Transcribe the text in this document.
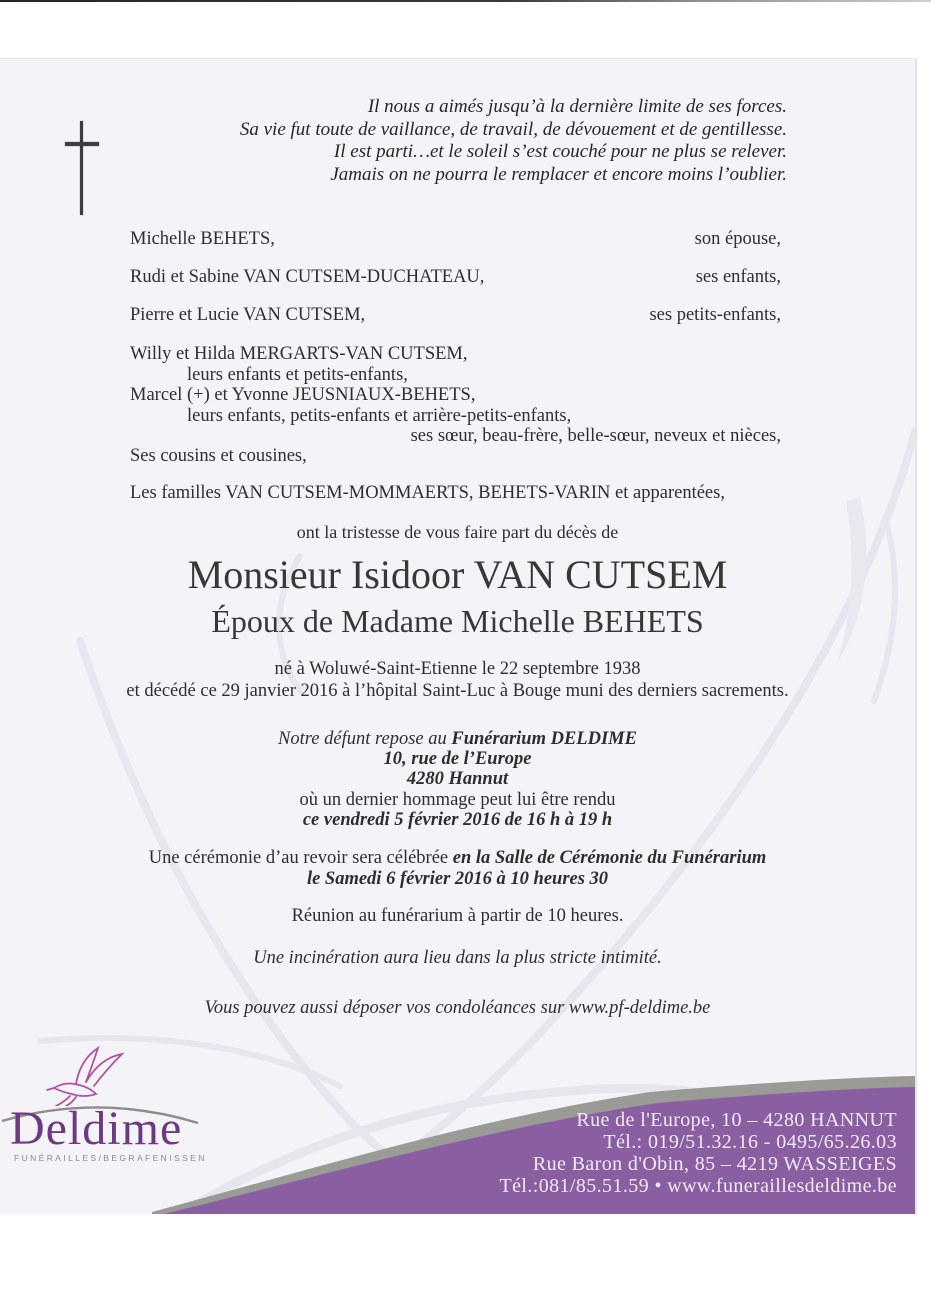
Il nous a aimés jusqu’à la dernière limite de ses forces.
Sa vie fut toute de vaillance, de travail, de dévouement et de gentillesse.
Il est parti…et le soleil s’est couché pour ne plus se relever.
Jamais on ne pourra le remplacer et encore moins l’oublier.
Michelle BEHETS,	son épouse,
Rudi et Sabine VAN CUTSEM-DUCHATEAU,	ses enfants,
Pierre et Lucie VAN CUTSEM,	ses petits-enfants,
Willy et Hilda MERGARTS-VAN CUTSEM,
leurs enfants et petits-enfants,
Marcel (+) et Yvonne JEUSNIAUX-BEHETS,
leurs enfants, petits-enfants et arrière-petits-enfants,
ses sœur, beau-frère, belle-sœur, neveux et nièces,
Ses cousins et cousines,
Les familles VAN CUTSEM-MOMMAERTS, BEHETS-VARIN et apparentées,
ont la tristesse de vous faire part du décès de
Monsieur Isidoor VAN CUTSEM
Époux de Madame Michelle BEHETS
né à Woluwé-Saint-Etienne le 22 septembre 1938
et décédé ce 29 janvier 2016 à l’hôpital Saint-Luc à Bouge muni des derniers sacrements.
Notre défunt repose au Funérarium DELDIME
10, rue de l’Europe
4280 Hannut
où un dernier hommage peut lui être rendu
ce vendredi 5 février 2016 de 16 h à 19 h
Une cérémonie d’au revoir sera célébrée en la Salle de Cérémonie du Funérarium
le Samedi 6 février 2016 à 10 heures 30
Réunion au funérarium à partir de 10 heures.
Une incinération aura lieu dans la plus stricte intimité.
Vous pouvez aussi déposer vos condoléances sur www.pf-deldime.be
Deldime
FUNÉRAILLES/BEGRAFENISSEN
Rue de l'Europe, 10 – 4280 HANNUT
Tél.: 019/51.32.16 - 0495/65.26.03
Rue Baron d'Obin, 85 – 4219 WASSEIGES
Tél.:081/85.51.59 • www.funeraillesdeldime.be
